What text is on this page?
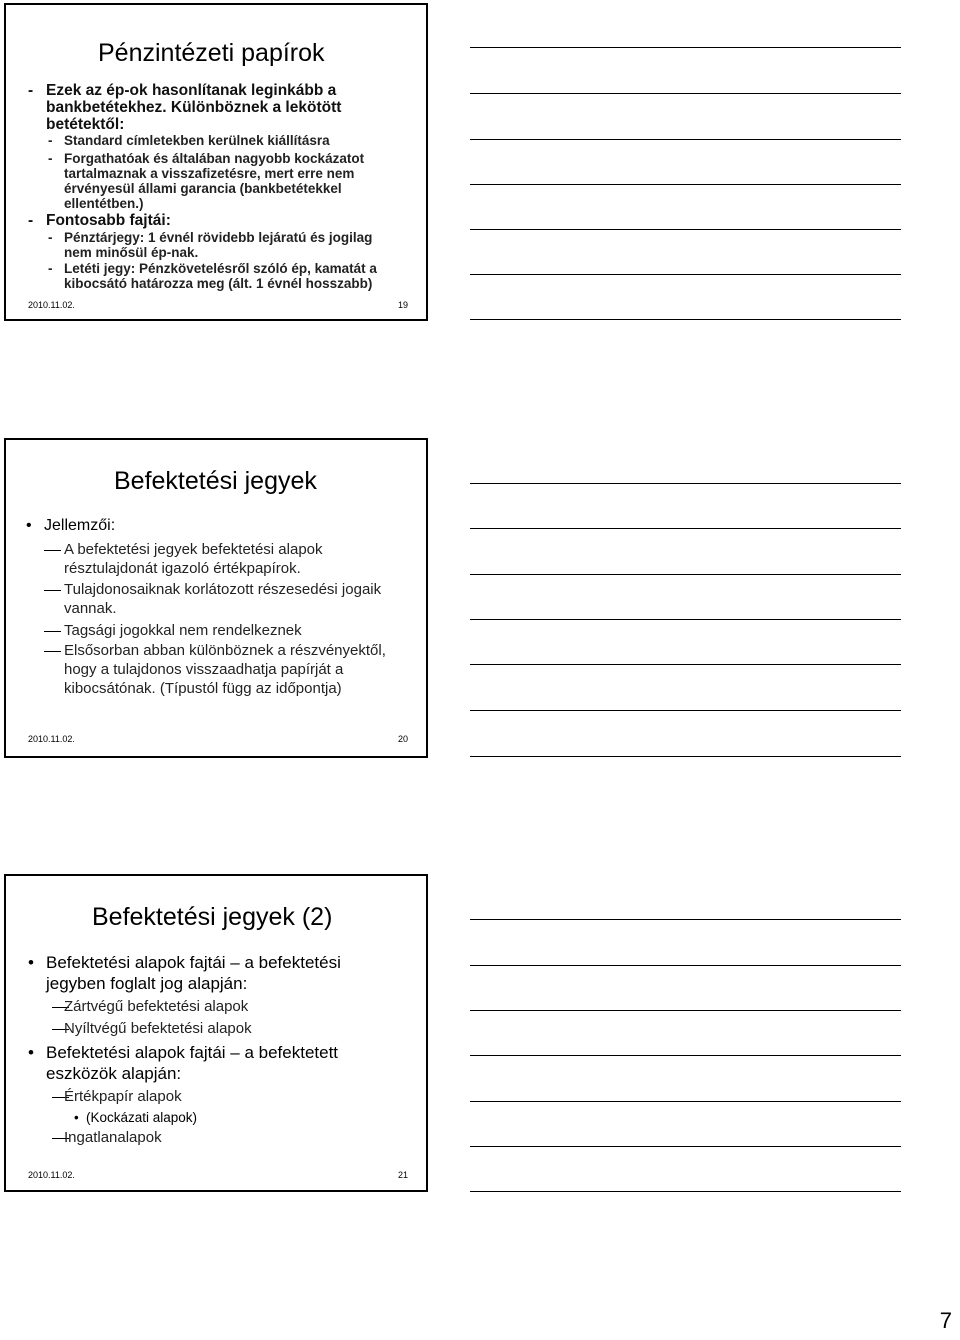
Pénzintézeti papírok
- Ezek az ép-ok hasonlítanak leginkább a bankbetétekhez. Különböznek a lekötött betétektől:
- Standard címletekben kerülnek kiállításra
- Forgathatóak és általában nagyobb kockázatot tartalmaznak a visszafizetésre, mert erre nem érvényesül állami garancia (bankbetétekkel ellentétben.)
- Fontosabb fajtái:
- Pénztárjegy: 1 évnél rövidebb lejáratú és jogilag nem minősül ép-nak.
- Letéti jegy: Pénzkövetelésről szóló ép, kamatát a kibocsátó határozza meg (ált. 1 évnél hosszabb)
2010.11.02.	19
Befektetési jegyek
• Jellemzői:
A befektetési jegyek befektetési alapok résztulajdonát igazoló értékpapírok.
Tulajdonosaiknak korlátozott részesedési jogaik vannak.
Tagsági jogokkal nem rendelkeznek
Elsősorban abban különböznek a részvényektől, hogy a tulajdonos visszaadhatja papírját a kibocsátónak. (Típustól függ az időpontja)
2010.11.02.	20
Befektetési jegyek (2)
• Befektetési alapok fajtái – a befektetési jegyben foglalt jog alapján:
Zártvégű befektetési alapok
Nyíltvégű befektetési alapok
• Befektetési alapok fajtái – a befektetett eszközök alapján:
Értékpapír alapok
• (Kockázati alapok)
Ingatlanalapok
2010.11.02.	21
7
